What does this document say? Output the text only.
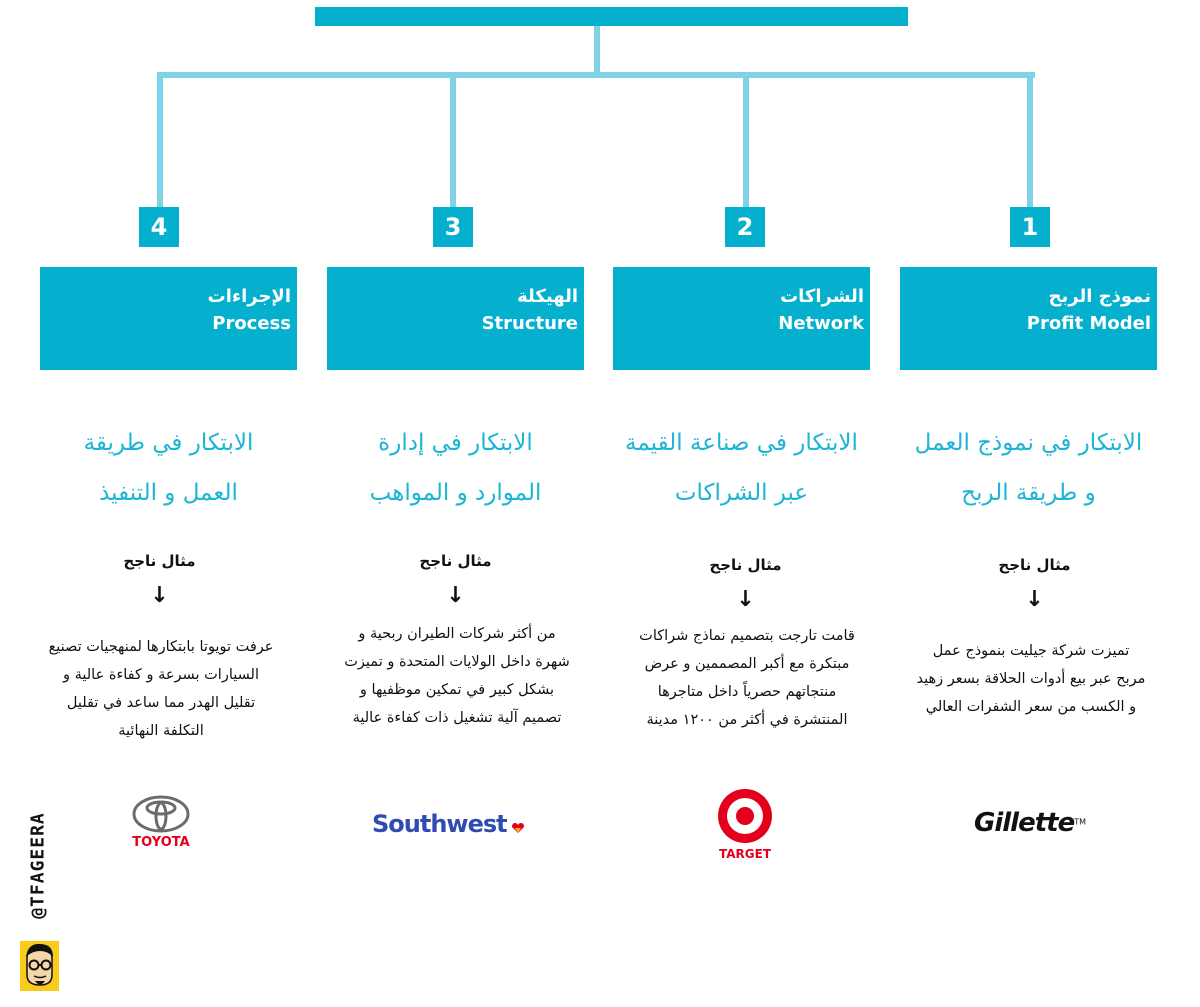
1
2
3
4
نموذج الربح
Profit Model
الشراكات
Network
الهيكلة
Structure
الإجراءات
Process
الابتكار في نموذج العمل و طريقة الربح
الابتكار في صناعة القيمة عبر الشراكات
الابتكار في إدارة الموارد و المواهب
الابتكار في طريقة العمل و التنفيذ
مثال ناجح
مثال ناجح
مثال ناجح
مثال ناجح
↓
↓
↓
↓
تميزت شركة جيليت بنموذج عمل مربح عبر بيع أدوات الحلاقة بسعر زهيد و الكسب من سعر الشفرات العالي
قامت تارجت بتصميم نماذج شراكات مبتكرة مع أكبر المصممين و عرض منتجاتهم حصرياً داخل متاجرها المنتشرة في أكثر من ١٢٠٠ مدينة
من أكثر شركات الطيران ربحية و شهرة داخل الولايات المتحدة و تميزت بشكل كبير في تمكين موظفيها و تصميم آلية تشغيل ذات كفاءة عالية
عرفت تويوتا بابتكارها لمنهجيات تصنيع السيارات بسرعة و كفاءة عالية و تقليل الهدر مما ساعد في تقليل التكلفة النهائية
Gillette™
TARGET
Southwest
TOYOTA
@TFAGEERA
